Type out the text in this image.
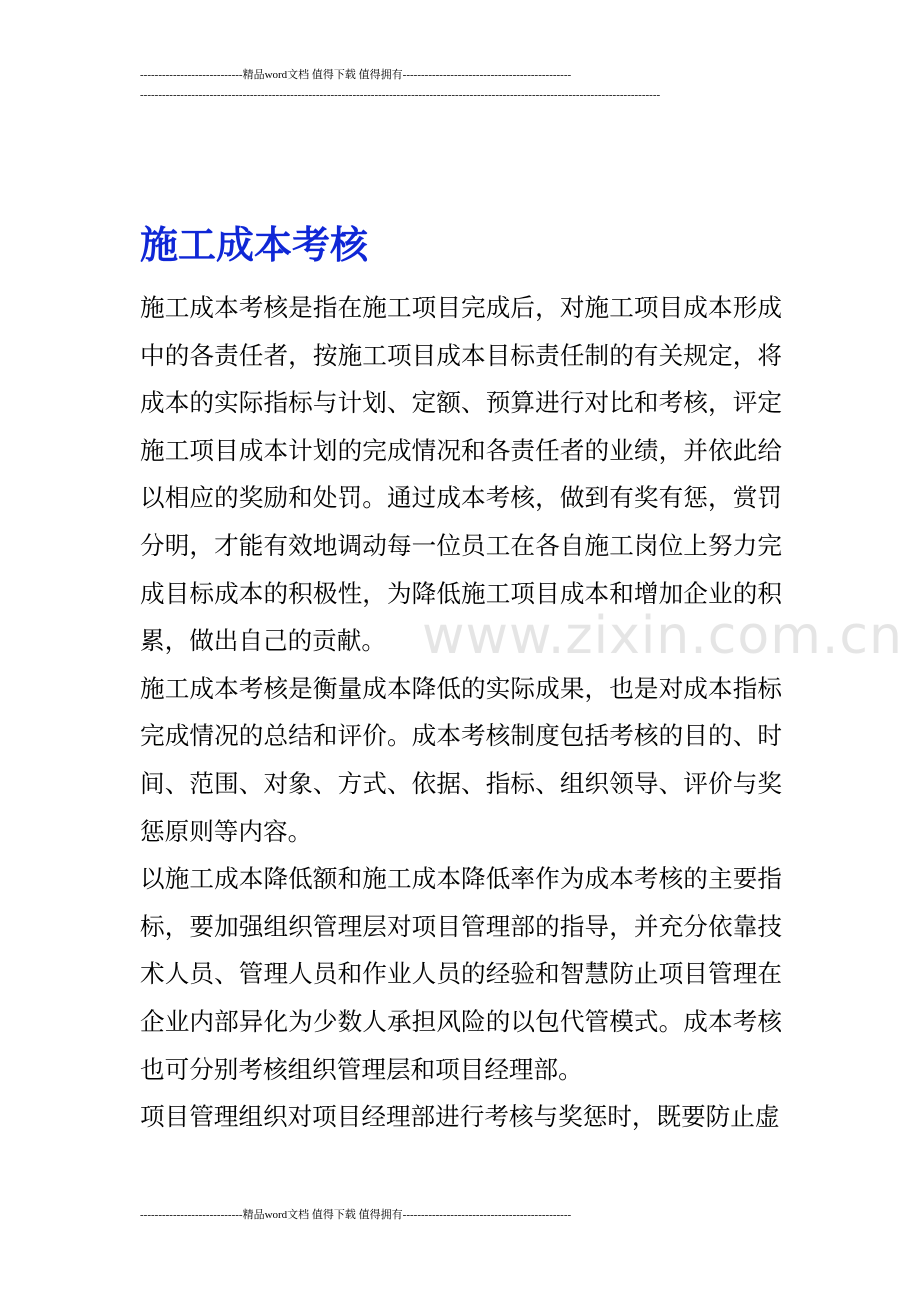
----------------------------精品word文档 值得下载 值得拥有----------------------------------------------
----------------------------------------------------------------------------------------------------------------------------------------------
施工成本考核

施工成本考核是指在施工项目完成后，对施工项目成本形成中的各责任者，按施工项目成本目标责任制的有关规定，将成本的实际指标与计划、定额、预算进行对比和考核，评定施工项目成本计划的完成情况和各责任者的业绩，并依此给以相应的奖励和处罚。通过成本考核，做到有奖有惩，赏罚分明，才能有效地调动每一位员工在各自施工岗位上努力完成目标成本的积极性，为降低施工项目成本和增加企业的积累，做出自己的贡献。

施工成本考核是衡量成本降低的实际成果，也是对成本指标完成情况的总结和评价。成本考核制度包括考核的目的、时间、范围、对象、方式、依据、指标、组织领导、评价与奖惩原则等内容。

以施工成本降低额和施工成本降低率作为成本考核的主要指标，要加强组织管理层对项目管理部的指导，并充分依靠技术人员、管理人员和作业人员的经验和智慧防止项目管理在企业内部异化为少数人承担风险的以包代管模式。成本考核也可分别考核组织管理层和项目经理部。

项目管理组织对项目经理部进行考核与奖惩时，既要防止虚

www.zixin.com.cn
----------------------------精品word文档 值得下载 值得拥有----------------------------------------------
